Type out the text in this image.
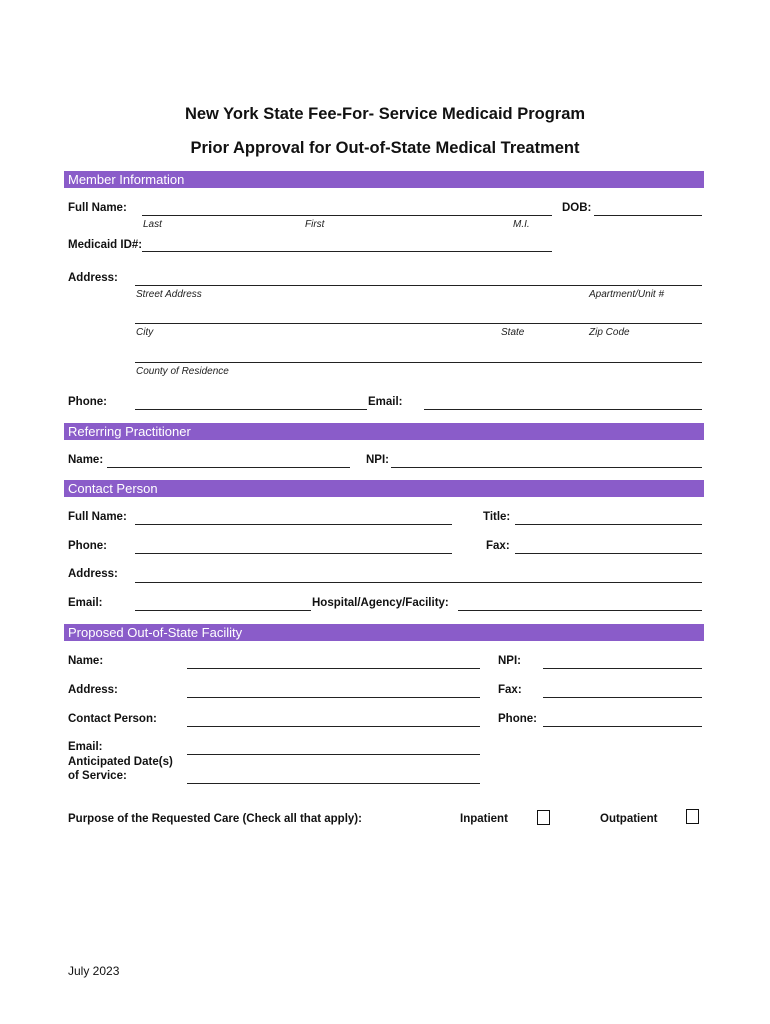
New York State Fee-For- Service Medicaid Program
Prior Approval for Out-of-State Medical Treatment
Member Information
Full Name:
Last	First	M.I.
DOB:
Medicaid ID#:
Address:
Street Address	Apartment/Unit #
City	State	Zip Code
County of Residence
Phone:	Email:
Referring Practitioner
Name:	NPI:
Contact Person
Full Name:	Title:
Phone:	Fax:
Address:
Email:	Hospital/Agency/Facility:
Proposed Out-of-State Facility
Name:	NPI:
Address:	Fax:
Contact Person:	Phone:
Email:
Anticipated Date(s)
of Service:
Purpose of the Requested Care (Check all that apply):	Inpatient	Outpatient
July 2023
